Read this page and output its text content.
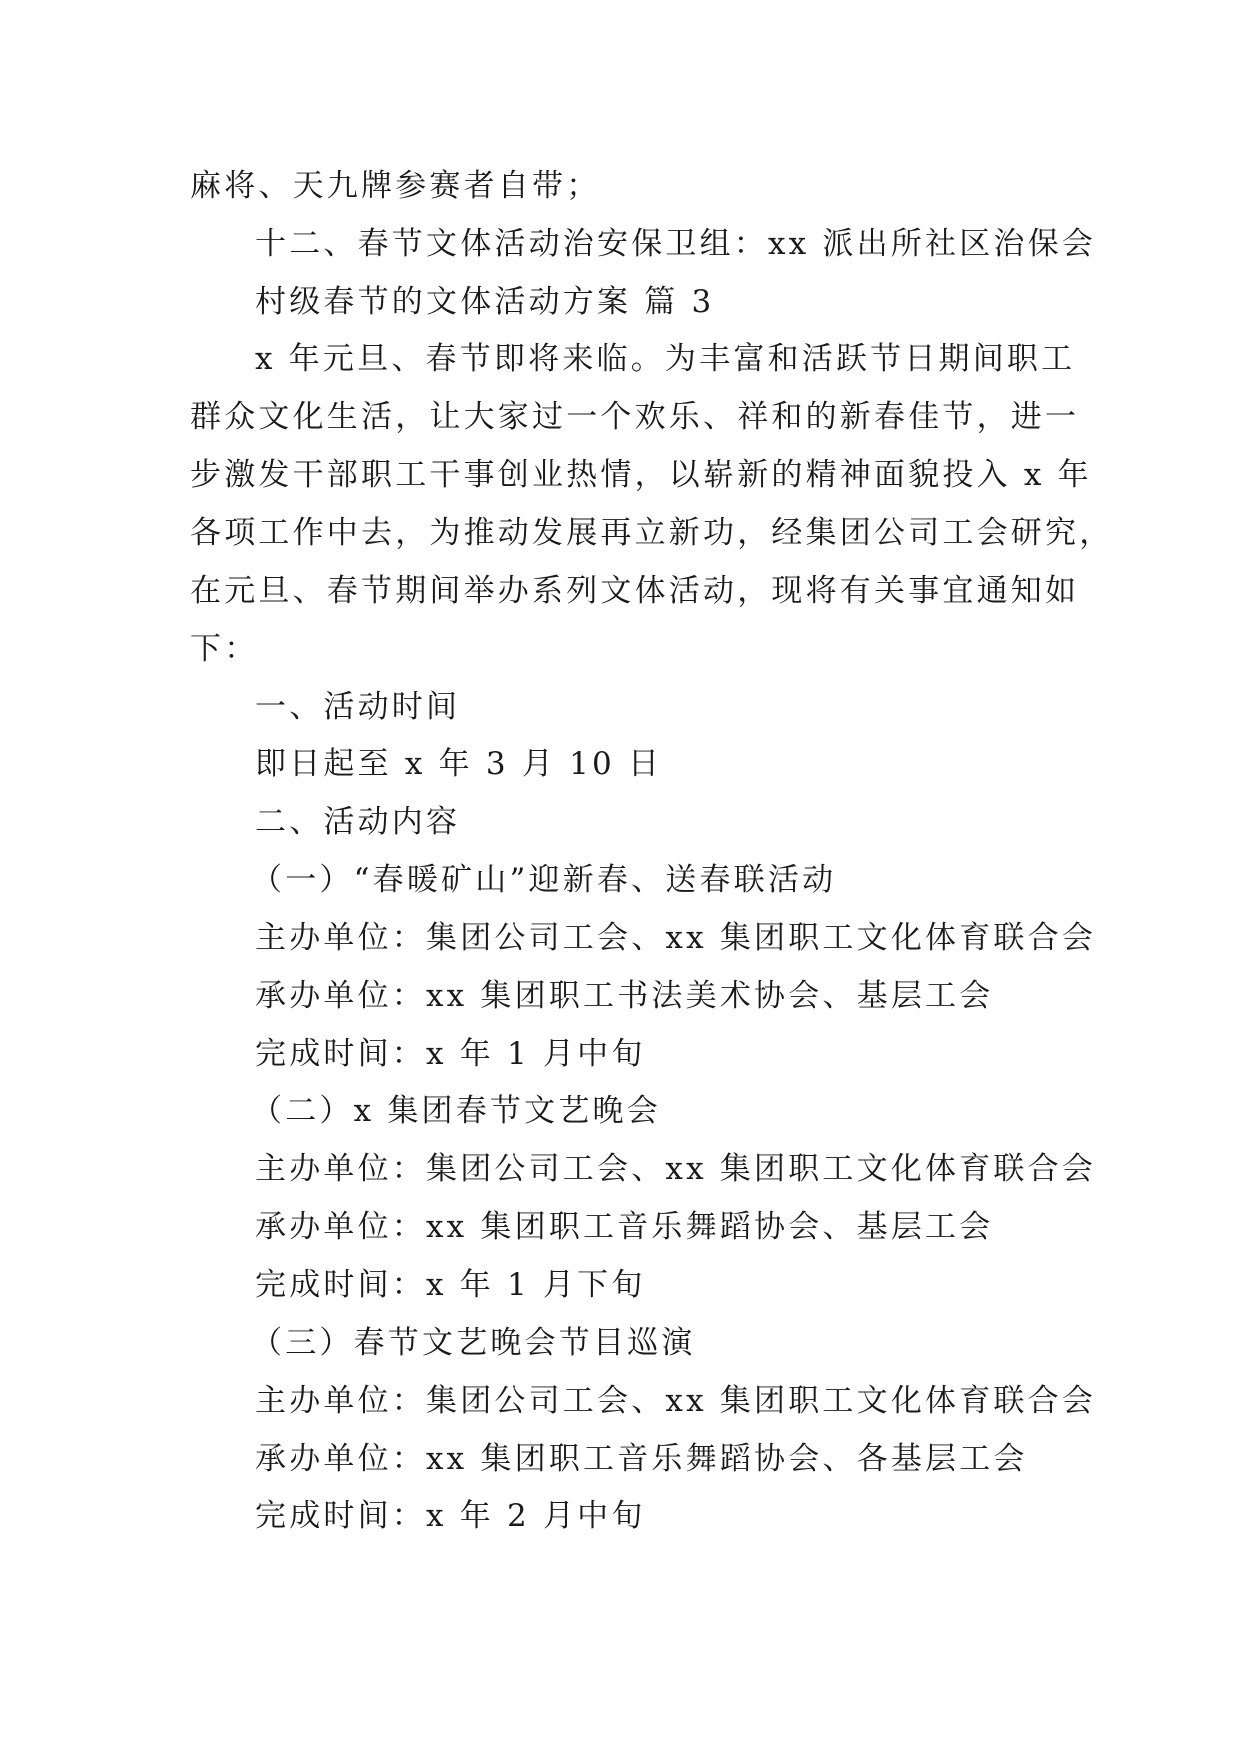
麻将、天九牌参赛者自带；
十二、春节文体活动治安保卫组：xx 派出所社区治保会
村级春节的文体活动方案 篇 3
x 年元旦、春节即将来临。为丰富和活跃节日期间职工
群众文化生活，让大家过一个欢乐、祥和的新春佳节，进一
步激发干部职工干事创业热情，以崭新的精神面貌投入 x 年
各项工作中去，为推动发展再立新功，经集团公司工会研究，
在元旦、春节期间举办系列文体活动，现将有关事宜通知如
下：
一、活动时间
即日起至 x 年 3 月 10 日
二、活动内容
（一）“春暖矿山”迎新春、送春联活动
主办单位：集团公司工会、xx 集团职工文化体育联合会
承办单位：xx 集团职工书法美术协会、基层工会
完成时间：x 年 1 月中旬
（二）x 集团春节文艺晚会
主办单位：集团公司工会、xx 集团职工文化体育联合会
承办单位：xx 集团职工音乐舞蹈协会、基层工会
完成时间：x 年 1 月下旬
（三）春节文艺晚会节目巡演
主办单位：集团公司工会、xx 集团职工文化体育联合会
承办单位：xx 集团职工音乐舞蹈协会、各基层工会
完成时间：x 年 2 月中旬
